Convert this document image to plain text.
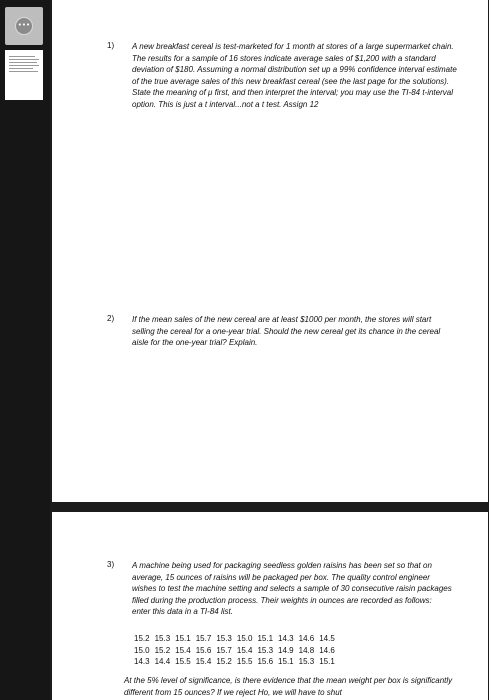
•••
1) A new breakfast cereal is test-marketed for 1 month at stores of a large supermarket chain. The results for a sample of 16 stores indicate average sales of $1,200 with a standard deviation of $180. Assuming a normal distribution set up a 99% confidence interval estimate of the true average sales of this new breakfast cereal (see the last page for the solutions). State the meaning of μ first, and then interpret the interval; you may use the TI-84 t-interval option. This is just a t interval...not a t test. Assign 12
2) If the mean sales of the new cereal are at least $1000 per month, the stores will start selling the cereal for a one-year trial. Should the new cereal get its chance in the cereal aisle for the one-year trial? Explain.
3) A machine being used for packaging seedless golden raisins has been set so that on average, 15 ounces of raisins will be packaged per box. The quality control engineer wishes to test the machine setting and selects a sample of 30 consecutive raisin packages filled during the production process. Their weights in ounces are recorded as follows: enter this data in a TI-84 list.
15.2	15.3	15.1	15.7	15.3	15.0	15.1	14.3	14.6	14.5
15.0	15.2	15.4	15.6	15.7	15.4	15.3	14.9	14.8	14.6
14.3	14.4	15.5	15.4	15.2	15.5	15.6	15.1	15.3	15.1
At the 5% level of significance, is there evidence that the mean weight per box is significantly different from 15 ounces? If we reject Ho, we will have to shut
